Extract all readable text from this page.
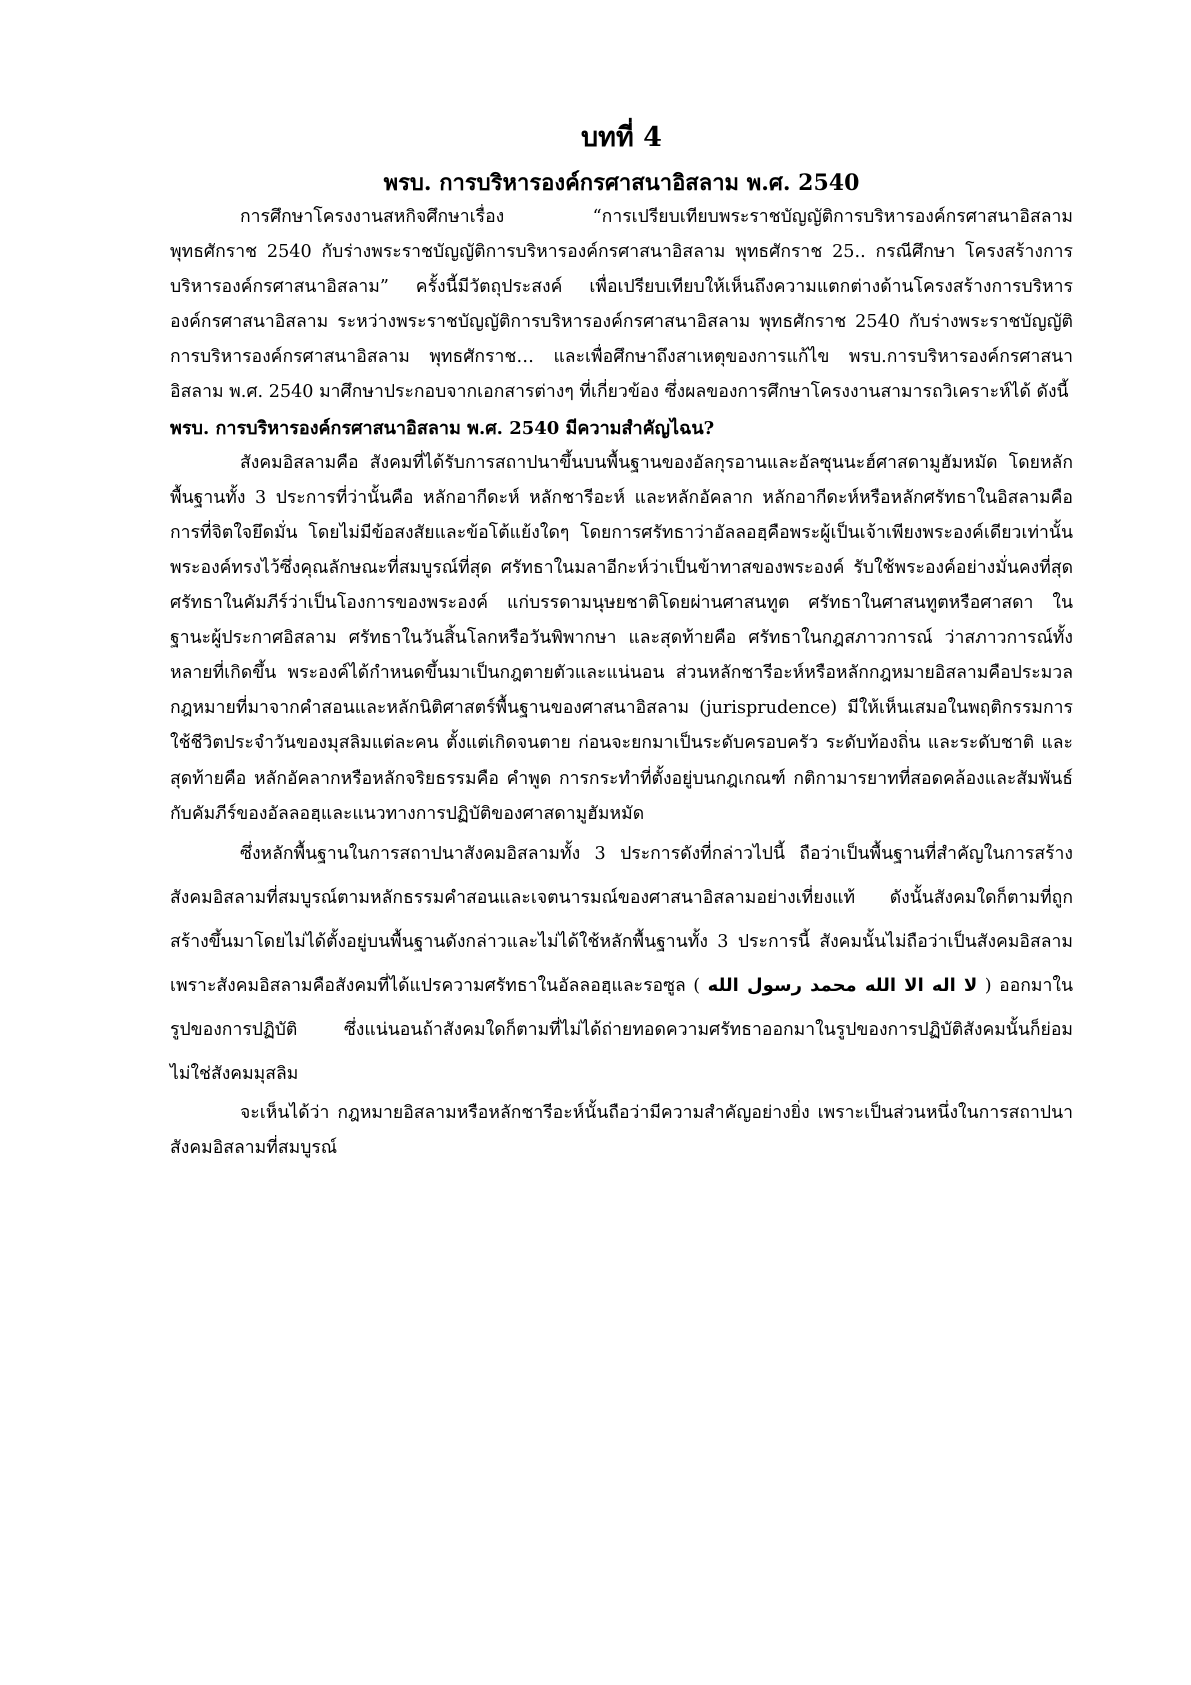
บทที่ 4
พรบ. การบริหารองค์กรศาสนาอิสลาม พ.ศ. 2540

การศึกษาโครงงานสหกิจศึกษาเรื่อง “การเปรียบเทียบพระราชบัญญัติการบริหารองค์กรศาสนาอิสลาม พุทธศักราช 2540 กับร่างพระราชบัญญัติการบริหารองค์กรศาสนาอิสลาม พุทธศักราช 25.. กรณีศึกษา โครงสร้างการบริหารองค์กรศาสนาอิสลาม” ครั้งนี้มีวัตถุประสงค์ เพื่อเปรียบเทียบให้เห็นถึงความแตกต่างด้านโครงสร้างการบริหารองค์กรศาสนาอิสลาม ระหว่างพระราชบัญญัติการบริหารองค์กรศาสนาอิสลาม พุทธศักราช 2540 กับร่างพระราชบัญญัติการบริหารองค์กรศาสนาอิสลาม พุทธศักราช… และเพื่อศึกษาถึงสาเหตุของการแก้ไข พรบ.การบริหารองค์กรศาสนาอิสลาม พ.ศ. 2540 มาศึกษาประกอบจากเอกสารต่างๆ ที่เกี่ยวข้อง ซึ่งผลของการศึกษาโครงงานสามารถวิเคราะห์ได้ ดังนี้

พรบ. การบริหารองค์กรศาสนาอิสลาม พ.ศ. 2540 มีความสำคัญไฉน?

สังคมอิสลามคือ สังคมที่ได้รับการสถาปนาขึ้นบนพื้นฐานของอัลกุรอานและอัลซุนนะฮ์ศาสดามูฮัมหมัด โดยหลักพื้นฐานทั้ง 3 ประการที่ว่านั้นคือ หลักอากีดะห์ หลักชารีอะห์ และหลักอัคลาก หลักอากีดะห์หรือหลักศรัทธาในอิสลามคือ การที่จิตใจยึดมั่น โดยไม่มีข้อสงสัยและข้อโต้แย้งใดๆ โดยการศรัทธาว่าอัลลอฮฺคือพระผู้เป็นเจ้าเพียงพระองค์เดียวเท่านั้น พระองค์ทรงไว้ซึ่งคุณลักษณะที่สมบูรณ์ที่สุด ศรัทธาในมลาอีกะห์ว่าเป็นข้าทาสของพระองค์ รับใช้พระองค์อย่างมั่นคงที่สุด ศรัทธาในคัมภีร์ว่าเป็นโองการของพระองค์ แก่บรรดามนุษยชาติโดยผ่านศาสนทูต ศรัทธาในศาสนทูตหรือศาสดา ในฐานะผู้ประกาศอิสลาม ศรัทธาในวันสิ้นโลกหรือวันพิพากษา และสุดท้ายคือ ศรัทธาในกฎสภาวการณ์ ว่าสภาวการณ์ทั้งหลายที่เกิดขึ้น พระองค์ได้กำหนดขึ้นมาเป็นกฎตายตัวและแน่นอน ส่วนหลักชารีอะห์หรือหลักกฎหมายอิสลามคือประมวลกฎหมายที่มาจากคำสอนและหลักนิติศาสตร์พื้นฐานของศาสนาอิสลาม (jurisprudence) มีให้เห็นเสมอในพฤติกรรมการใช้ชีวิตประจำวันของมุสลิมแต่ละคน ตั้งแต่เกิดจนตาย ก่อนจะยกมาเป็นระดับครอบครัว ระดับท้องถิ่น และระดับชาติ และสุดท้ายคือ หลักอัคลากหรือหลักจริยธรรมคือ คำพูด การกระทำที่ตั้งอยู่บนกฎเกณฑ์ กติกามารยาทที่สอดคล้องและสัมพันธ์กับคัมภีร์ของอัลลอฮฺและแนวทางการปฏิบัติของศาสดามูฮัมหมัด

ซึ่งหลักพื้นฐานในการสถาปนาสังคมอิสลามทั้ง 3 ประการดังที่กล่าวไปนี้ ถือว่าเป็นพื้นฐานที่สำคัญในการสร้างสังคมอิสลามที่สมบูรณ์ตามหลักธรรมคำสอนและเจตนารมณ์ของศาสนาอิสลามอย่างเที่ยงแท้ ดังนั้นสังคมใดก็ตามที่ถูกสร้างขึ้นมาโดยไม่ได้ตั้งอยู่บนพื้นฐานดังกล่าวและไม่ได้ใช้หลักพื้นฐานทั้ง 3 ประการนี้ สังคมนั้นไม่ถือว่าเป็นสังคมอิสลาม เพราะสังคมอิสลามคือสังคมที่ได้แปรความศรัทธาในอัลลอฮฺและรอซูล ( لا اله الا الله محمد رسول الله ) ออกมาในรูปของการปฏิบัติ ซึ่งแน่นอนถ้าสังคมใดก็ตามที่ไม่ได้ถ่ายทอดความศรัทธาออกมาในรูปของการปฏิบัติสังคมนั้นก็ย่อมไม่ใช่สังคมมุสลิม

จะเห็นได้ว่า กฎหมายอิสลามหรือหลักชารีอะห์นั้นถือว่ามีความสำคัญอย่างยิ่ง เพราะเป็นส่วนหนึ่งในการสถาปนาสังคมอิสลามที่สมบูรณ์
